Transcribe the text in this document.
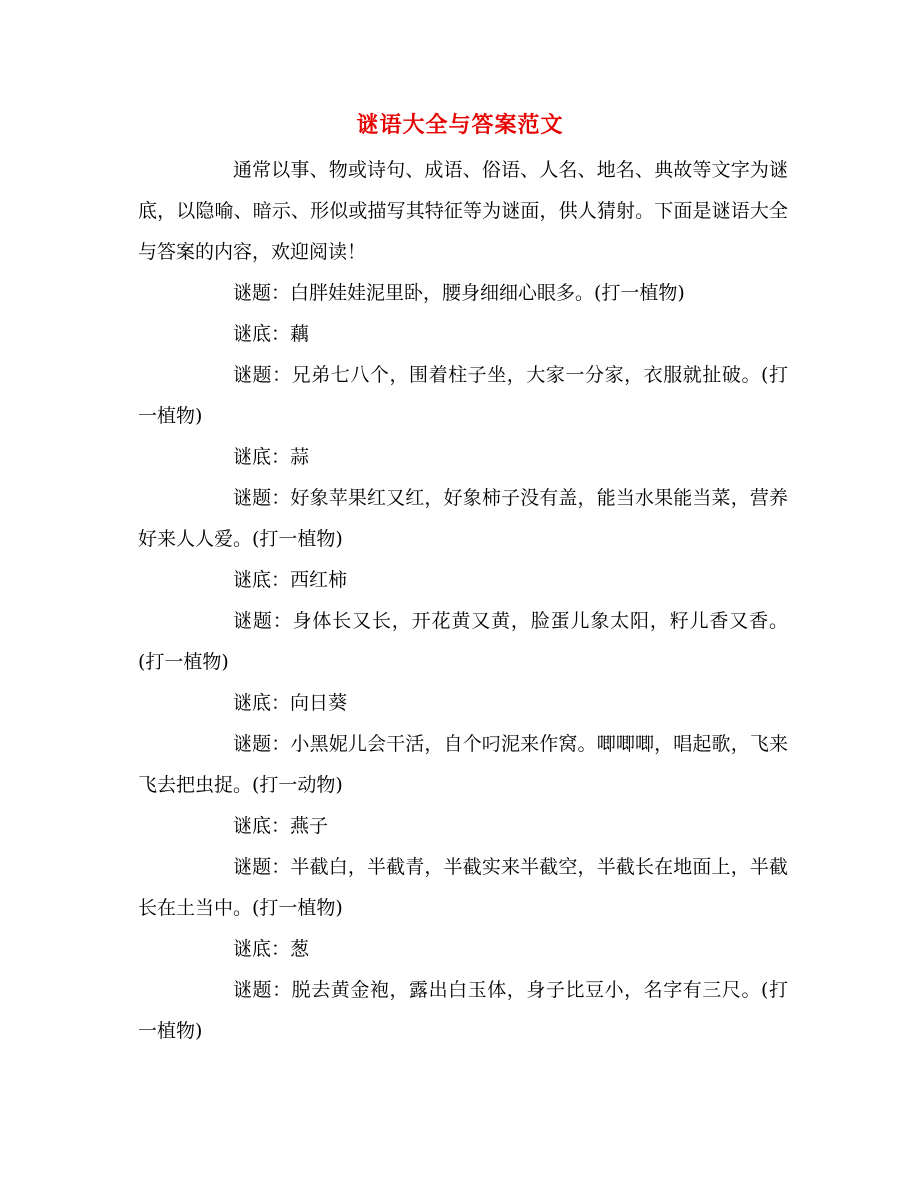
谜语大全与答案范文

通常以事、物或诗句、成语、俗语、人名、地名、典故等文字为谜底，以隐喻、暗示、形似或描写其特征等为谜面，供人猜射。下面是谜语大全与答案的内容，欢迎阅读！

谜题：白胖娃娃泥里卧，腰身细细心眼多。(打一植物)

谜底：藕

谜题：兄弟七八个，围着柱子坐，大家一分家，衣服就扯破。(打一植物)

谜底：蒜

谜题：好象苹果红又红，好象柿子没有盖，能当水果能当菜，营养好来人人爱。(打一植物)

谜底：西红柿

谜题：身体长又长，开花黄又黄，脸蛋儿象太阳，籽儿香又香。(打一植物)

谜底：向日葵

谜题：小黑妮儿会干活，自个叼泥来作窝。唧唧唧，唱起歌，飞来飞去把虫捉。(打一动物)

谜底：燕子

谜题：半截白，半截青，半截实来半截空，半截长在地面上，半截长在土当中。(打一植物)

谜底：葱

谜题：脱去黄金袍，露出白玉体，身子比豆小，名字有三尺。(打一植物)
